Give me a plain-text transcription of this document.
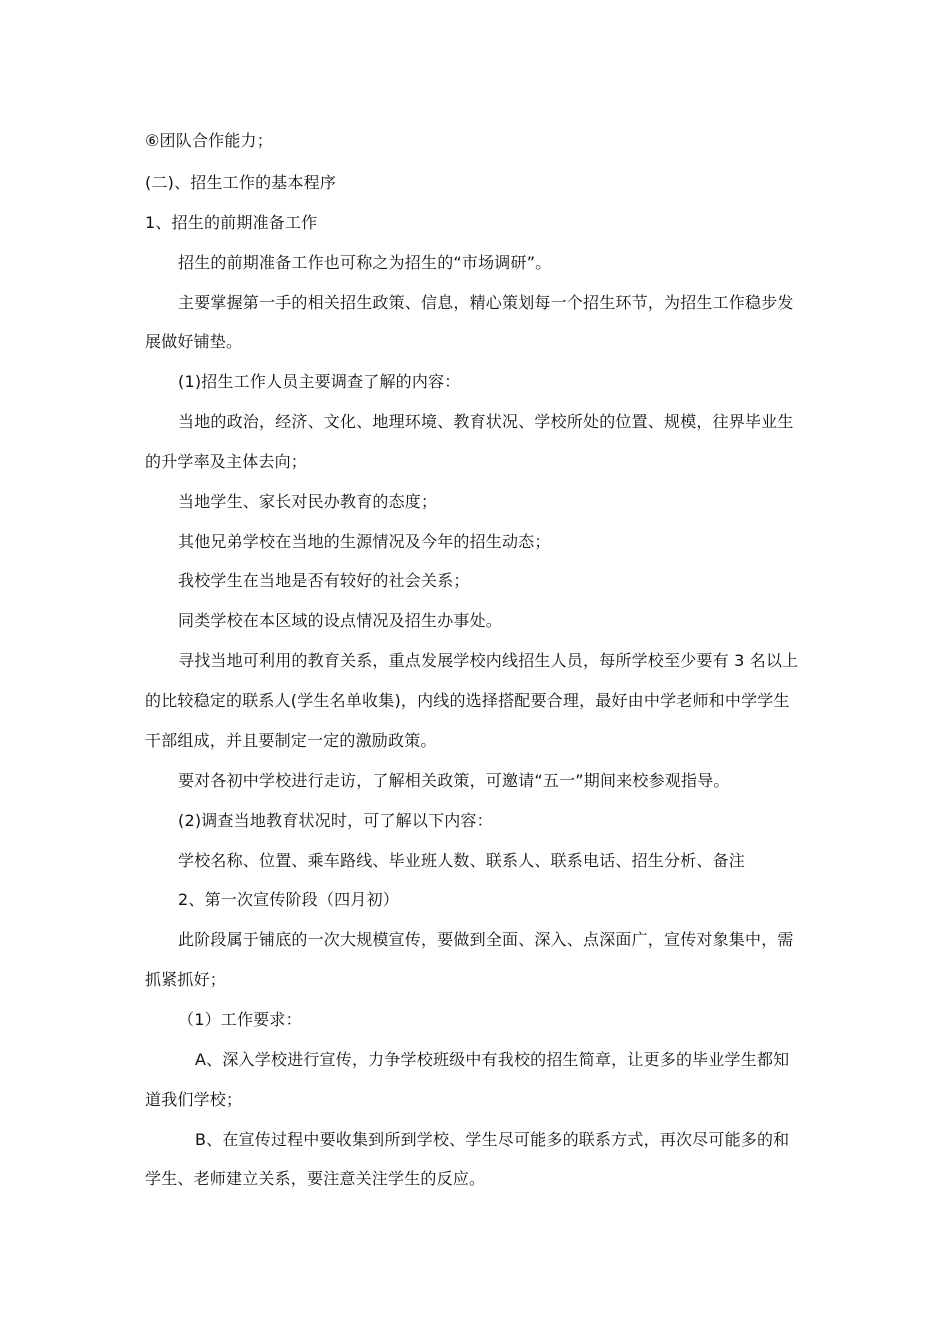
⑥团队合作能力；
(二)、招生工作的基本程序
1、招生的前期准备工作
招生的前期准备工作也可称之为招生的“市场调研”。
主要掌握第一手的相关招生政策、信息，精心策划每一个招生环节，为招生工作稳步发
展做好铺垫。
(1)招生工作人员主要调查了解的内容：
当地的政治，经济、文化、地理环境、教育状况、学校所处的位置、规模，往界毕业生
的升学率及主体去向；
当地学生、家长对民办教育的态度；
其他兄弟学校在当地的生源情况及今年的招生动态；
我校学生在当地是否有较好的社会关系；
同类学校在本区域的设点情况及招生办事处。
寻找当地可利用的教育关系，重点发展学校内线招生人员，每所学校至少要有 3 名以上
的比较稳定的联系人(学生名单收集)，内线的选择搭配要合理，最好由中学老师和中学学生
干部组成，并且要制定一定的激励政策。
要对各初中学校进行走访，了解相关政策，可邀请“五一”期间来校参观指导。
(2)调查当地教育状况时，可了解以下内容：
学校名称、位置、乘车路线、毕业班人数、联系人、联系电话、招生分析、备注
2、第一次宣传阶段（四月初）
此阶段属于铺底的一次大规模宣传，要做到全面、深入、点深面广，宣传对象集中，需
抓紧抓好；
（1）工作要求：
A、深入学校进行宣传，力争学校班级中有我校的招生简章，让更多的毕业学生都知
道我们学校；
B、在宣传过程中要收集到所到学校、学生尽可能多的联系方式，再次尽可能多的和
学生、老师建立关系，要注意关注学生的反应。
